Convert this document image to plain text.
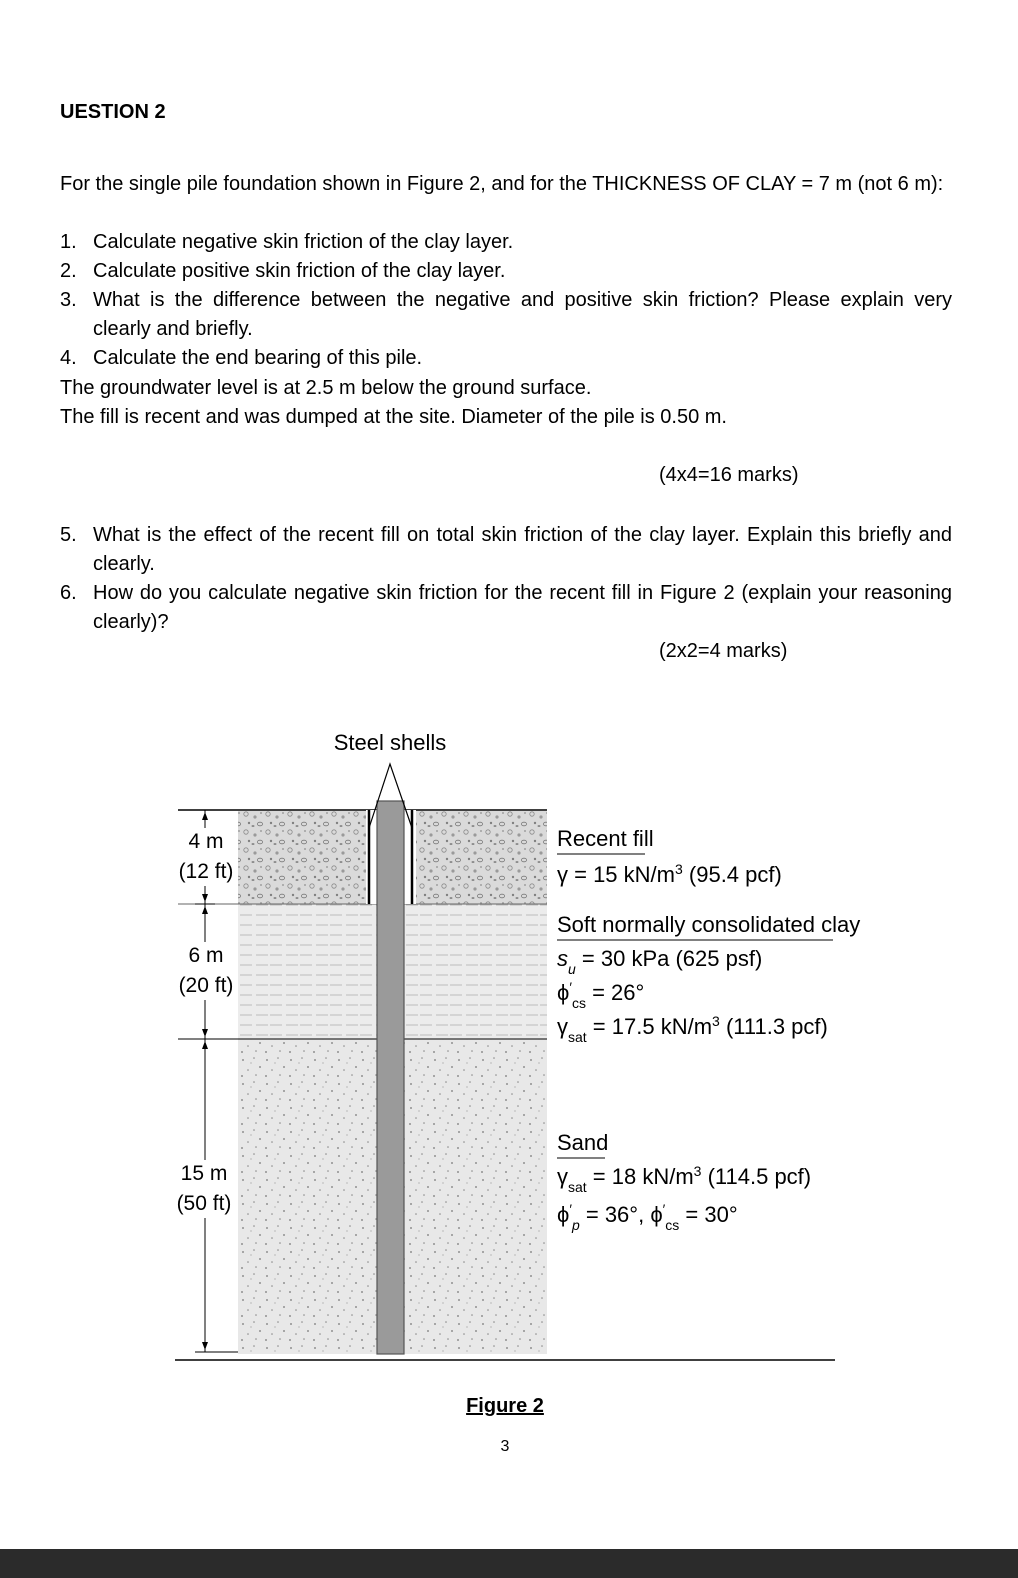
UESTION 2
For the single pile foundation shown in Figure 2, and for the THICKNESS OF CLAY = 7 m (not 6 m):
1. Calculate negative skin friction of the clay layer.
2. Calculate positive skin friction of the clay layer.
3. What is the difference between the negative and positive skin friction? Please explain very clearly and briefly.
4. Calculate the end bearing of this pile.
The groundwater level is at 2.5 m below the ground surface.
The fill is recent and was dumped at the site. Diameter of the pile is 0.50 m.
(4x4=16 marks)
5. What is the effect of the recent fill on total skin friction of the clay layer. Explain this briefly and clearly.
6. How do you calculate negative skin friction for the recent fill in Figure 2 (explain your reasoning clearly)?
(2x2=4 marks)
Steel shells
4 m
(12 ft)
6 m
(20 ft)
15 m
(50 ft)
Recent fill
γ = 15 $kN/m^3$ (95.4 pcf)
Soft normally consolidated clay
$s_u = 30$ kPa (625 psf)
$\phi'_{cs} = 26^\circ$
$\gamma_{sat} = 17.5$ $kN/m^3$ (111.3 pcf)
Sand
$\gamma_{sat} = 18$ $kN/m^3$ (114.5 pcf)
$\phi'_p = 36^\circ$, $\phi'_{cs} = 30^\circ$
Figure 2
3
